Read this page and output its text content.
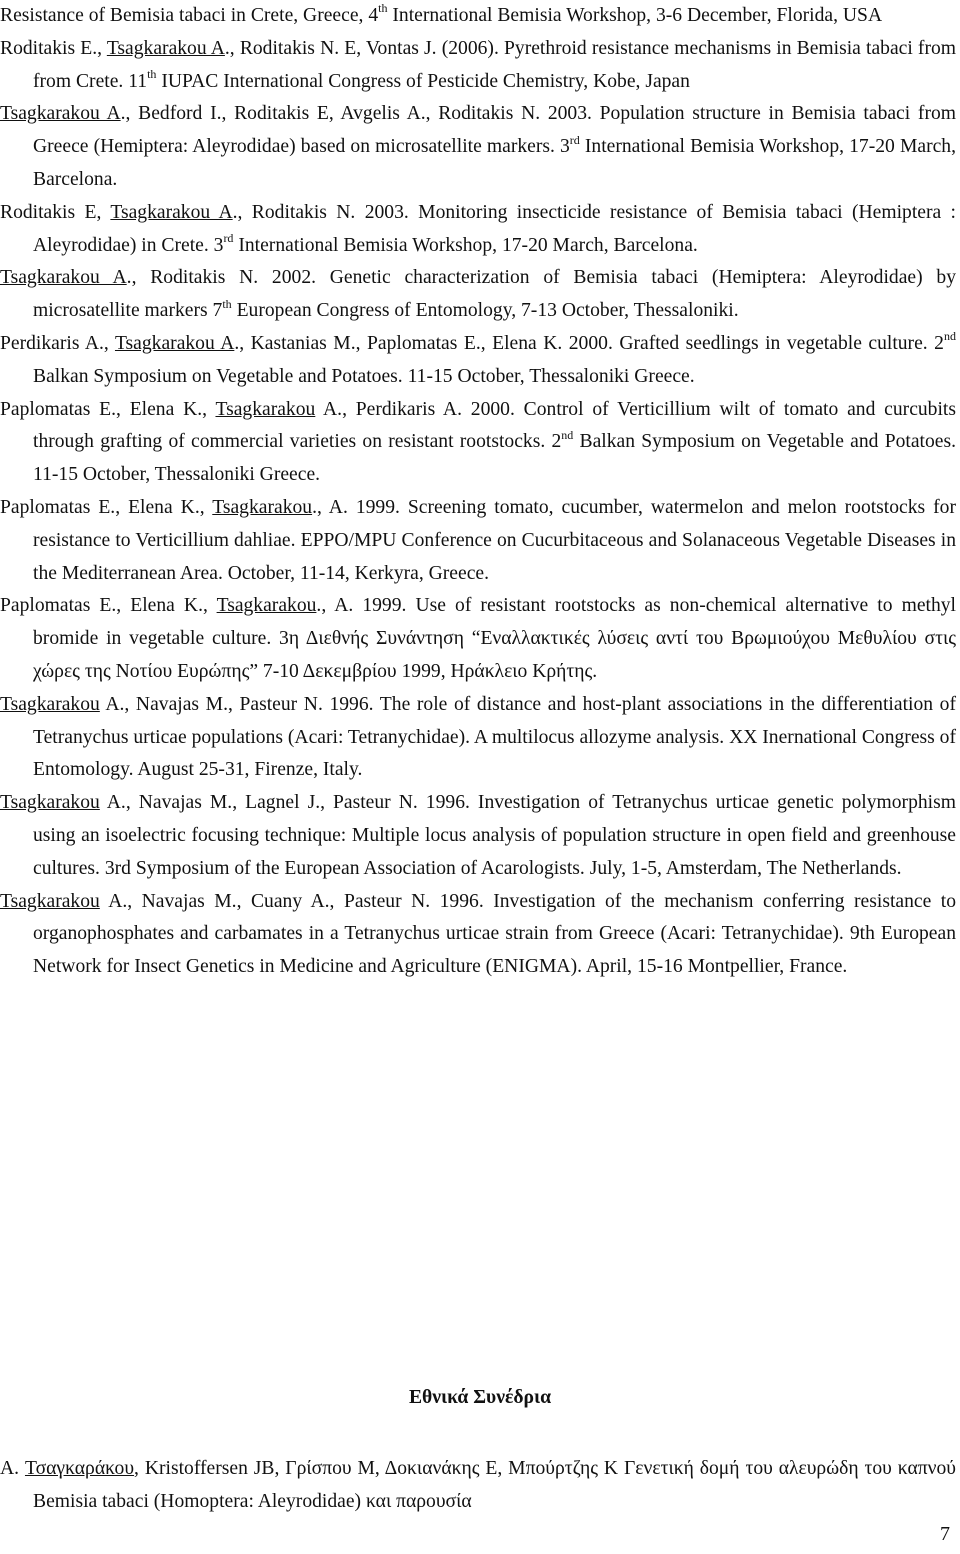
Resistance of Bemisia tabaci in Crete, Greece, 4th International Bemisia Workshop, 3-6 December, Florida, USA

Roditakis E., Tsagkarakou A., Roditakis N. E, Vontas J. (2006). Pyrethroid resistance mechanisms in Bemisia tabaci from from Crete. 11th IUPAC International Congress of Pesticide Chemistry, Kobe, Japan

Tsagkarakou A., Bedford I., Roditakis E, Avgelis A., Roditakis N. 2003. Population structure in Bemisia tabaci from Greece (Hemiptera: Aleyrodidae) based on microsatellite markers. 3rd International Bemisia Workshop, 17-20 March, Barcelona.

Roditakis E, Tsagkarakou A., Roditakis N. 2003. Monitoring insecticide resistance of Bemisia tabaci (Hemiptera : Aleyrodidae) in Crete. 3rd International Bemisia Workshop, 17-20 March, Barcelona.

Tsagkarakou A., Roditakis N. 2002. Genetic characterization of Bemisia tabaci (Hemiptera: Aleyrodidae) by microsatellite markers 7th European Congress of Entomology, 7-13 October, Thessaloniki.

Perdikaris A., Tsagkarakou A., Kastanias M., Paplomatas E., Elena K. 2000. Grafted seedlings in vegetable culture. 2nd Balkan Symposium on Vegetable and Potatoes. 11-15 October, Thessaloniki Greece.

Paplomatas E., Elena K., Tsagkarakou A., Perdikaris A. 2000. Control of Verticillium wilt of tomato and curcubits through grafting of commercial varieties on resistant rootstocks. 2nd Balkan Symposium on Vegetable and Potatoes. 11-15 October, Thessaloniki Greece.

Paplomatas E., Elena K., Tsagkarakou., A. 1999. Screening tomato, cucumber, watermelon and melon rootstocks for resistance to Verticillium dahliae. EPPO/MPU Conference on Cucurbitaceous and Solanaceous Vegetable Diseases in the Mediterranean Area. October, 11-14, Kerkyra, Greece.

Paplomatas E., Elena K., Tsagkarakou., A. 1999. Use of resistant rootstocks as non-chemical alternative to methyl bromide in vegetable culture. 3η Διεθνής Συνάντηση “Εναλλακτικές λύσεις αντί του Βρωμιούχου Μεθυλίου στις χώρες της Νοτίου Ευρώπης” 7-10 Δεκεμβρίου 1999, Ηράκλειο Κρήτης.

Tsagkarakou A., Navajas M., Pasteur N. 1996. The role of distance and host-plant associations in the differentiation of Tetranychus urticae populations (Acari: Tetranychidae). A multilocus allozyme analysis. XX Inernational Congress of Entomology. August 25-31, Firenze, Italy.

Tsagkarakou A., Navajas M., Lagnel J., Pasteur N. 1996. Investigation of Tetranychus urticae genetic polymorphism using an isoelectric focusing technique: Multiple locus analysis of population structure in open field and greenhouse cultures. 3rd Symposium of the European Association of Acarologists. July, 1-5, Amsterdam, The Netherlands.

Tsagkarakou A., Navajas M., Cuany A., Pasteur N. 1996. Investigation of the mechanism conferring resistance to organophosphates and carbamates in a Tetranychus urticae strain from Greece (Acari: Tetranychidae). 9th European Network for Insect Genetics in Medicine and Agriculture (ENIGMA). April, 15-16 Montpellier, France.

Εθνικά Συνέδρια

A. Τσαγκαράκου, Kristoffersen JB, Γρίσπου Μ, Δοκιανάκης Ε, Μπούρτζης Κ Γενετική δομή του αλευρώδη του καπνού Bemisia tabaci (Homoptera: Aleyrodidae) και παρουσία

7
